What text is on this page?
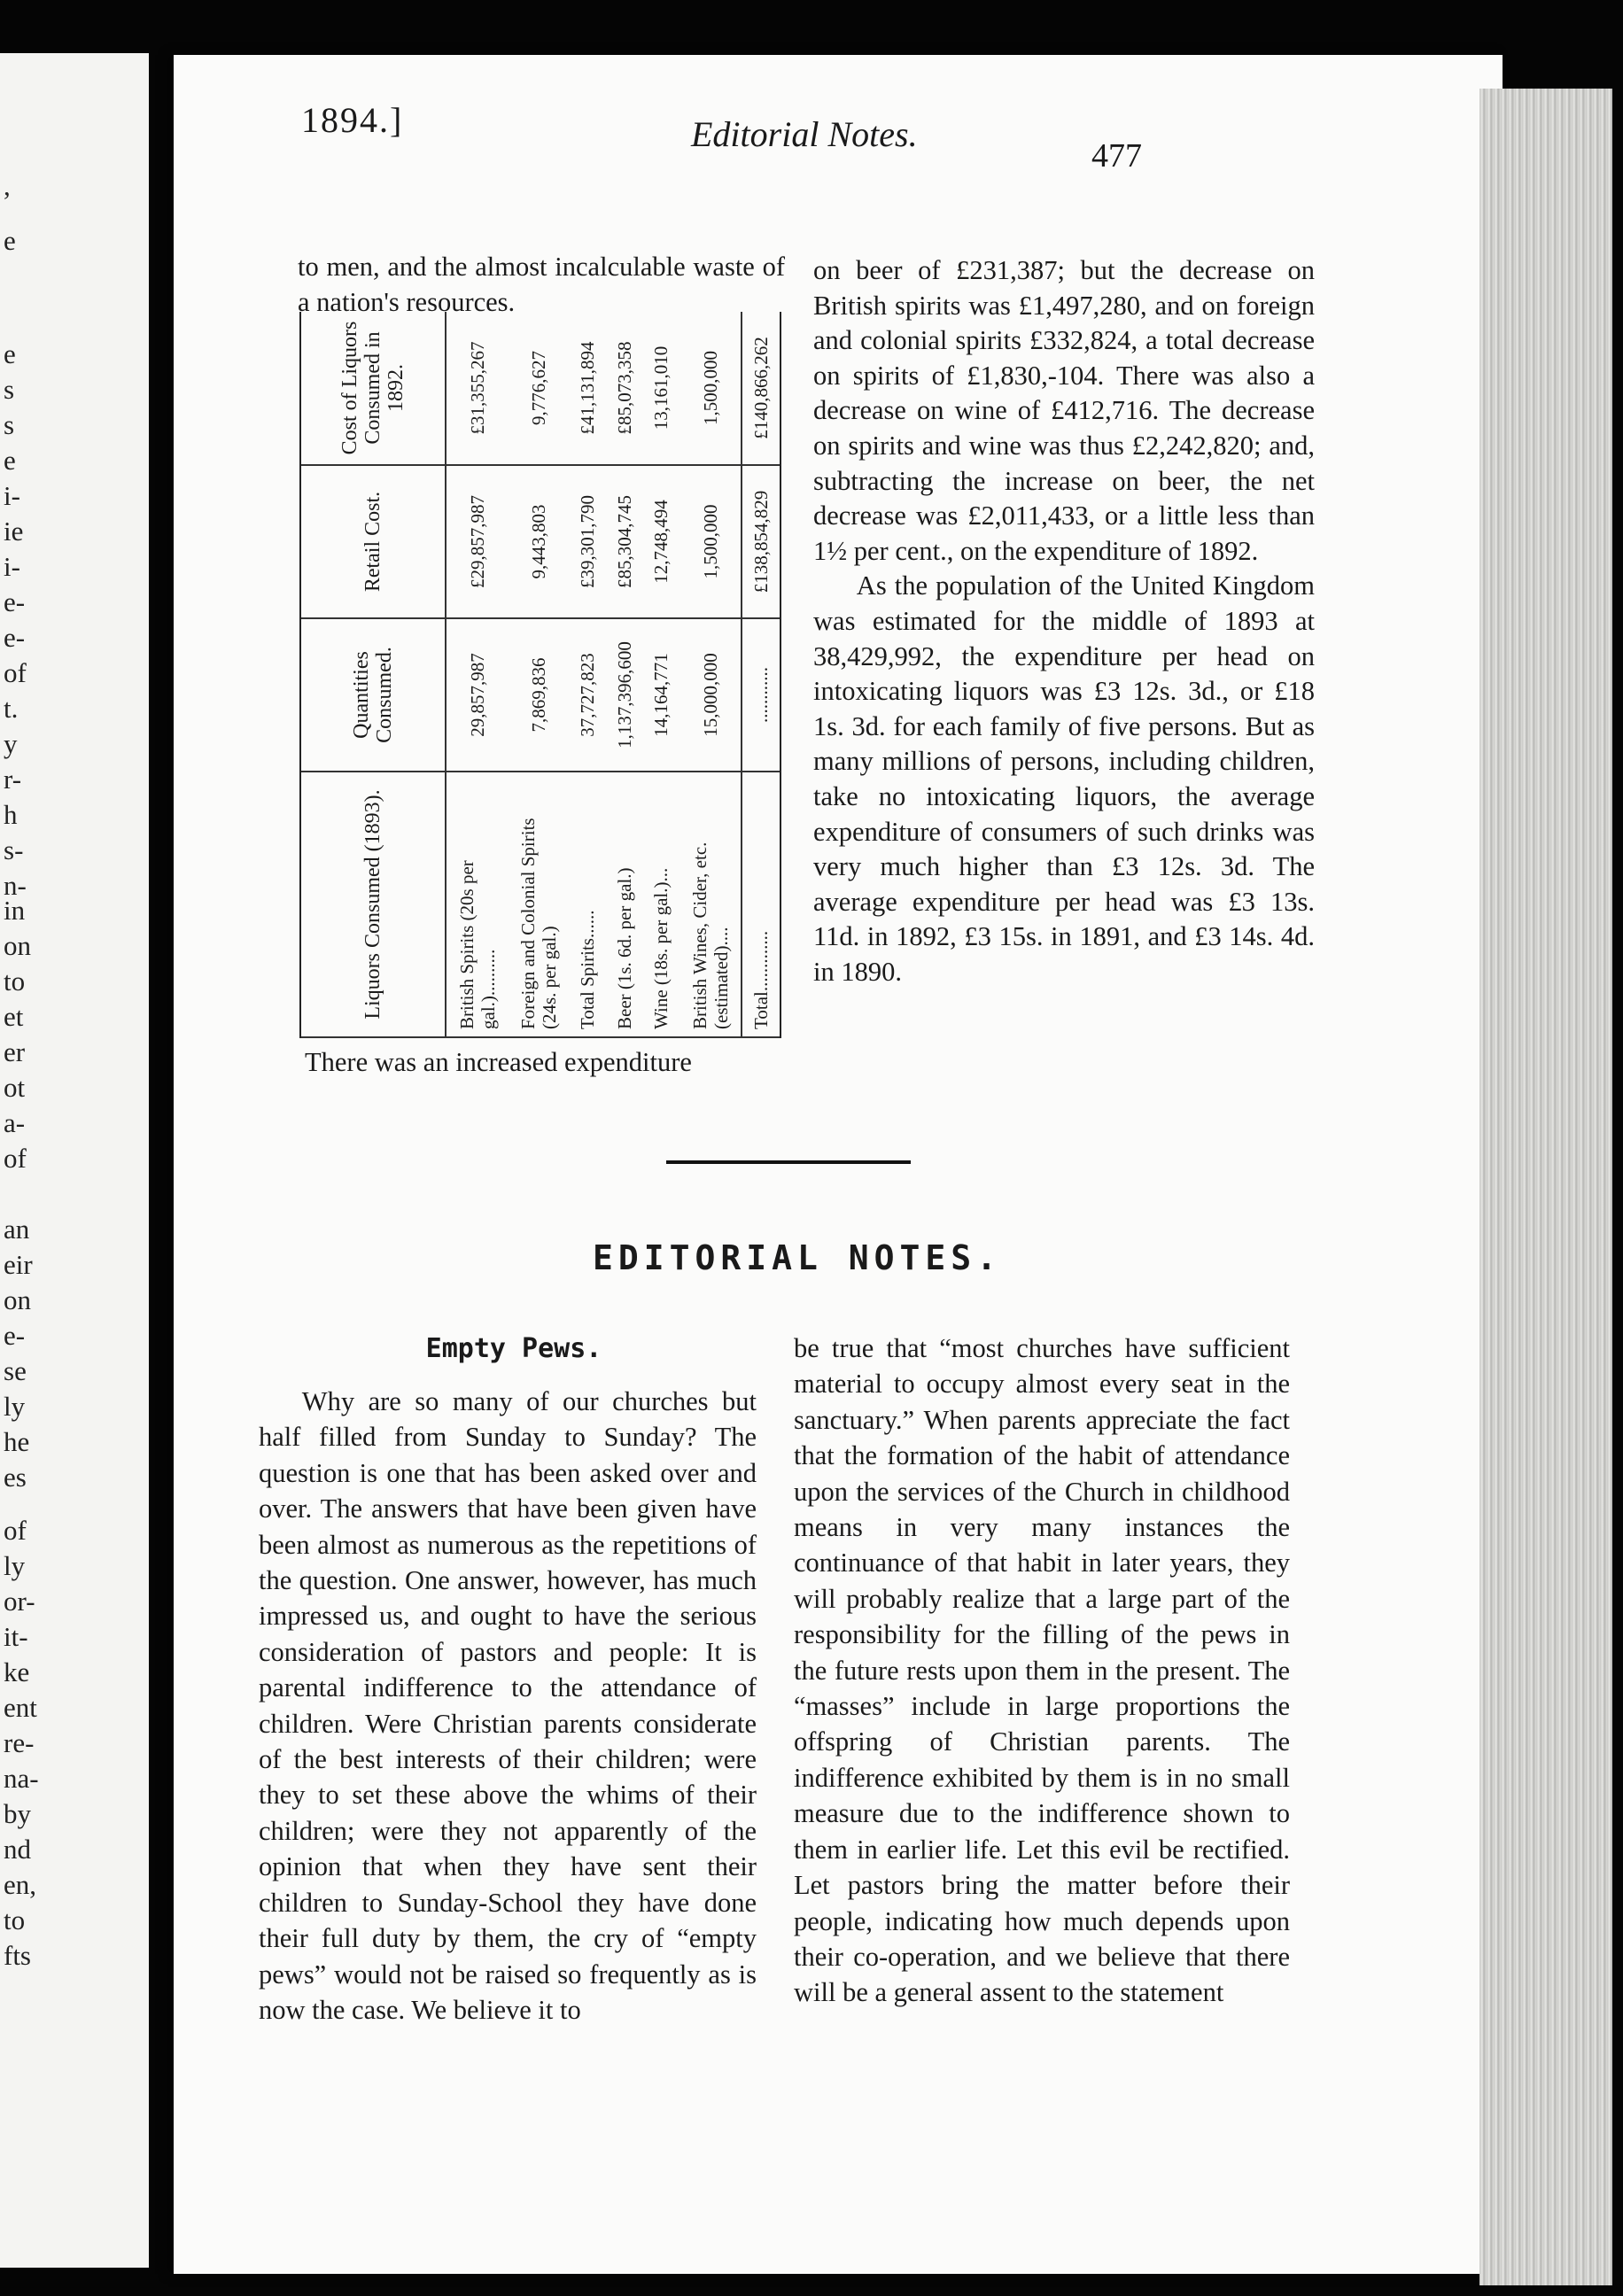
,
e
e
s
s
e
i-
ie
i-
e-
e-
of
t.
y
r-
h
s-
n-
in
on
to
et
er
ot
a-
of
an
eir
on
e-
se
ly
he
es
of
ly
or-
it-
ke
ent
re-
na-
by
nd
en,
to
fts
1894.]	Editorial Notes.
477

to men, and the almost incalculable waste of a nation's resources.

Liquors Consumed (1893).	Quantities Consumed.	Retail Cost.	Cost of Liquors Consumed in 1892.
British Spirits (20s per gal.)..........	29,857,987	£29,857,987	£31,355,267
Foreign and Colonial Spirits (24s. per gal.)	7,869,836	9,443,803	9,776,627
Total Spirits......	37,727,823	£39,301,790	£41,131,894
Beer (1s. 6d. per gal.)	1,137,396,600	£85,304,745	£85,073,358
Wine (18s. per gal.)...	14,164,771	12,748,494	13,161,010
British Wines, Cider, etc. (estimated)....	15,000,000	1,500,000	1,500,000
Total.............	............	£138,854,829	£140,866,262

There was an increased expenditure

on beer of £231,387; but the decrease on British spirits was £1,497,280, and on foreign and colonial spirits £332,824, a total decrease on spirits of £1,830,-104. There was also a decrease on wine of £412,716. The decrease on spirits and wine was thus £2,242,820; and, subtracting the increase on beer, the net decrease was £2,011,433, or a little less than 1½ per cent., on the expenditure of 1892.

As the population of the United Kingdom was estimated for the middle of 1893 at 38,429,992, the expenditure per head on intoxicating liquors was £3 12s. 3d., or £18 1s. 3d. for each family of five persons. But as many millions of persons, including children, take no intoxicating liquors, the average expenditure of consumers of such drinks was very much higher than £3 12s. 3d. The average expenditure per head was £3 13s. 11d. in 1892, £3 15s. in 1891, and £3 14s. 4d. in 1890.

EDITORIAL NOTES.
Empty Pews.

Why are so many of our churches but half filled from Sunday to Sunday? The question is one that has been asked over and over. The answers that have been given have been almost as numerous as the repetitions of the question. One answer, however, has much impressed us, and ought to have the serious consideration of pastors and people: It is parental indifference to the attendance of children. Were Christian parents considerate of the best interests of their children; were they to set these above the whims of their children; were they not apparently of the opinion that when they have sent their children to Sunday-School they have done their full duty by them, the cry of “empty pews” would not be raised so frequently as is now the case. We believe it to

be true that “most churches have sufficient material to occupy almost every seat in the sanctuary.” When parents appreciate the fact that the formation of the habit of attendance upon the services of the Church in childhood means in very many instances the continuance of that habit in later years, they will probably realize that a large part of the responsibility for the filling of the pews in the future rests upon them in the present. The “masses” include in large proportions the offspring of Christian parents. The indifference exhibited by them is in no small measure due to the indifference shown to them in earlier life. Let this evil be rectified. Let pastors bring the matter before their people, indicating how much depends upon their co-operation, and we believe that there will be a general assent to the statement
